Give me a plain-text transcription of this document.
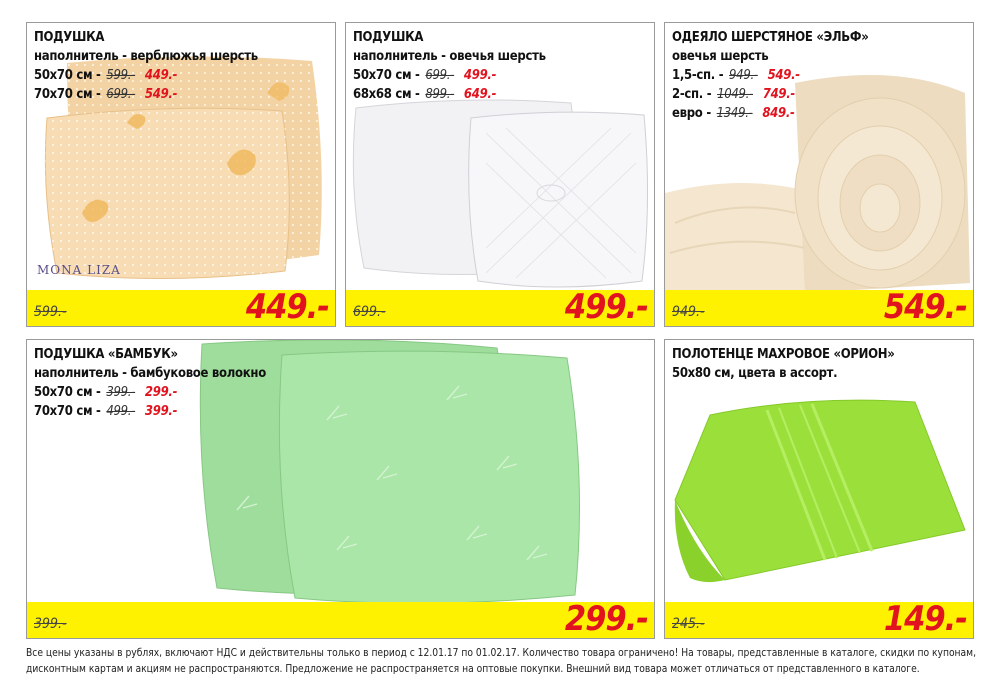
ПОДУШКА
наполнитель - верблюжья шерсть
50х70 см - 599.- 449.-
70х70 см - 699.- 549.-
MONA LIZA
599.-	449.-
ПОДУШКА
наполнитель - овечья шерсть
50х70 см - 699.- 499.-
68х68 см - 899.- 649.-
699.-	499.-
ОДЕЯЛО ШЕРСТЯНОЕ «ЭЛЬФ»
овечья шерсть
1,5-сп. - 949.- 549.-
2-сп. - 1049.- 749.-
евро - 1349.- 849.-
949.-	549.-
ПОДУШКА «БАМБУК»
наполнитель - бамбуковое волокно
50х70 см - 399.- 299.-
70х70 см - 499.- 399.-
399.-	299.-
ПОЛОТЕНЦЕ МАХРОВОЕ «ОРИОН»
50х80 см, цвета в ассорт.
245.-	149.-
Все цены указаны в рублях, включают НДС и действительны только в период с 12.01.17 по 01.02.17. Количество товара ограничено! На товары, представленные в каталоге, скидки по купонам, дисконтным картам и акциям не распространяются. Предложение не распространяется на оптовые покупки. Внешний вид товара может отличаться от представленного в каталоге.
